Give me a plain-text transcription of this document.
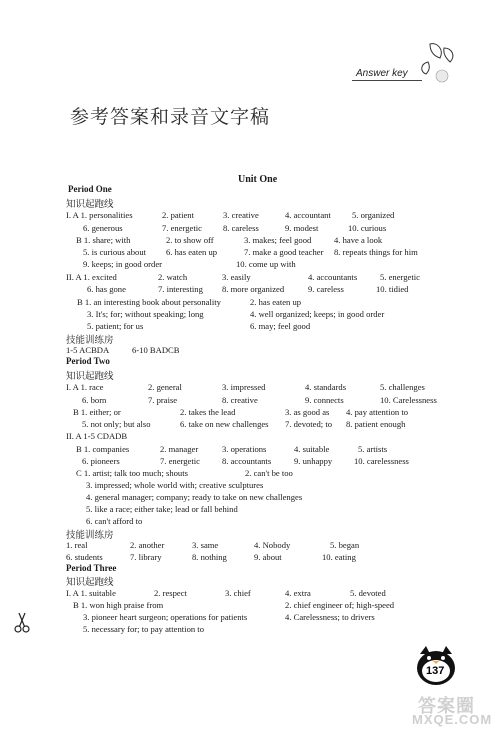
Answer key
参考答案和录音文字稿
Unit One
Period One
知识起跑线
I. A 1. personalities	2. patient	3. creative	4. accountant 5. organized
6. generous	7. energetic 8. careless	9. modest	10. curious
B 1. share; with	2. to show off	3. makes; feel good	4. have a look
5. is curious about 6. has eaten up	7. make a good teacher 8. repeats things for him
9. keeps; in good order	10. come up with
II. A 1. excited	2. watch	3. easily	4. accountants	5. energetic
6. has gone	7. interesting 8. more organized	9. careless	10. tidied
B 1. an interesting book about personality	2. has eaten up
3. It's; for; without speaking; long	4. well organized; keeps; in good order
5. patient; for us	6. may; feel good
技能训练房
1-5 ACBDA	6-10 BADCB
Period Two
知识起跑线
I. A 1. race	2. general	3. impressed	4. standards	5. challenges
6. born	7. praise	8. creative	9. connects	10. Carelessness
B 1. either; or	2. takes the lead	3. as good as 4. pay attention to
5. not only; but also	6. take on new challenges 7. devoted; to 8. patient enough
II. A 1-5 CDADB
B 1. companies	2. manager	3. operations	4. suitable	5. artists
6. pioneers	7. energetic	8. accountants	9. unhappy	10. carelessness
C 1. artist; talk too much; shouts	2. can't be too
3. impressed; whole world with; creative sculptures
4. general manager; company; ready to take on new challenges
5. like a race; either take; lead or fall behind
6. can't afford to
技能训练房
1. real	2. another	3. same	4. Nobody	5. began
6. students	7. library	8. nothing	9. about	10. eating
Period Three
知识起跑线
I. A 1. suitable	2. respect	3. chief	4. extra	5. devoted
B 1. won high praise from	2. chief engineer of; high-speed
3. pioneer heart surgeon; operations for patients	4. Carelessness; to drivers
5. necessary for; to pay attention to
137
答案圈
MXQE.COM
